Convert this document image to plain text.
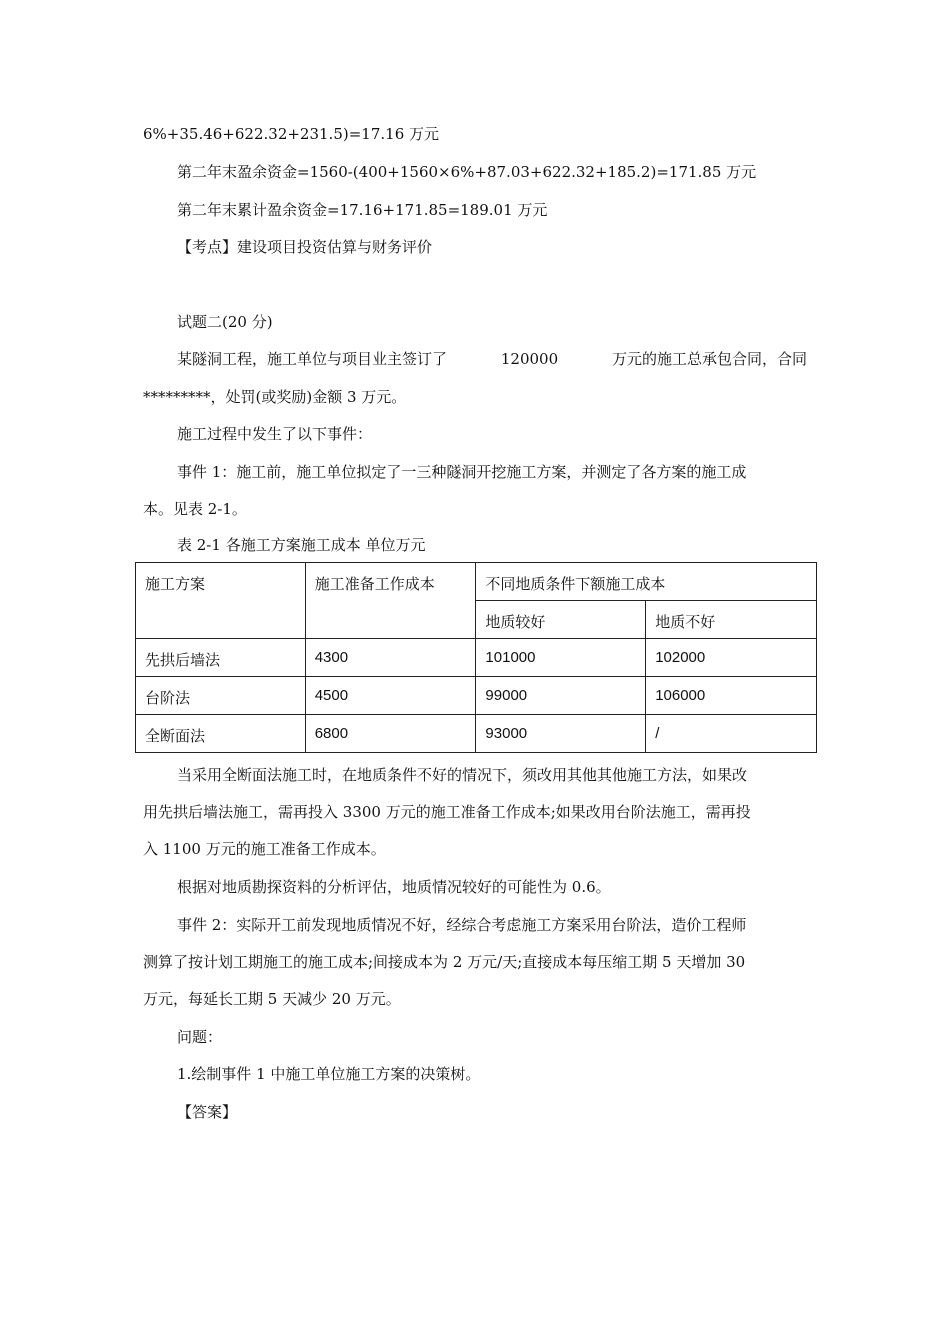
6%+35.46+622.32+231.5)=17.16 万元
第二年末盈余资金=1560-(400+1560×6%+87.03+622.32+185.2)=171.85 万元
第二年末累计盈余资金=17.16+171.85=189.01 万元
【考点】建设项目投资估算与财务评价
试题二(20 分)
某隧洞工程，施工单位与项目业主签订了	120000	万元的施工总承包合同，合同
*********，处罚(或奖励)金额 3 万元。
施工过程中发生了以下事件：
事件 1：施工前，施工单位拟定了一三种隧洞开挖施工方案，并测定了各方案的施工成
本。见表 2-1。
表 2-1 各施工方案施工成本 单位万元
施工方案	施工准备工作成本	不同地质条件下额施工成本	
		地质较好	地质不好
先拱后墙法	4300	101000	102000
台阶法	4500	99000	106000
全断面法	6800	93000	/
当采用全断面法施工时，在地质条件不好的情况下，须改用其他其他施工方法，如果改
用先拱后墙法施工，需再投入 3300 万元的施工准备工作成本;如果改用台阶法施工，需再投
入 1100 万元的施工准备工作成本。
根据对地质勘探资料的分析评估，地质情况较好的可能性为 0.6。
事件 2：实际开工前发现地质情况不好，经综合考虑施工方案采用台阶法，造价工程师
测算了按计划工期施工的施工成本;间接成本为 2 万元/天;直接成本每压缩工期 5 天增加 30
万元，每延长工期 5 天减少 20 万元。
问题：
1.绘制事件 1 中施工单位施工方案的决策树。
【答案】
